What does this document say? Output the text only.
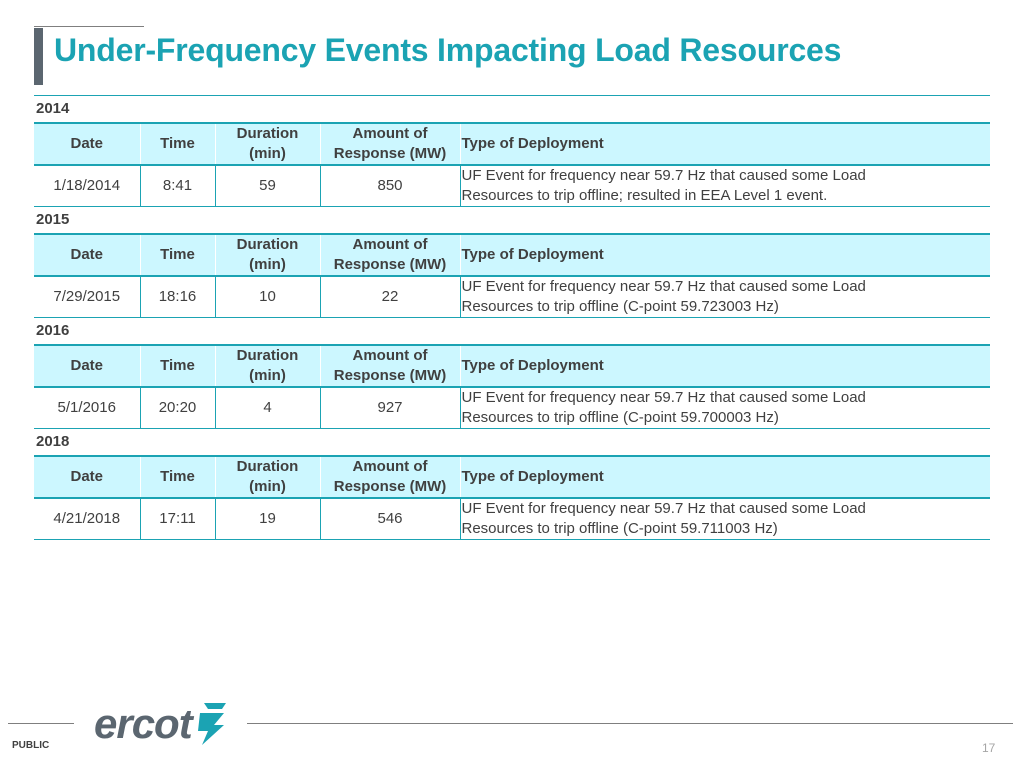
Under-Frequency Events Impacting Load Resources
2014
Date	Time	Duration (min)	Amount of Response (MW)	Type of Deployment
1/18/2014	8:41	59	850	UF Event for frequency near 59.7 Hz that caused some Load
Resources to trip offline; resulted in EEA Level 1 event.
2015
Date	Time	Duration (min)	Amount of Response (MW)	Type of Deployment
7/29/2015	18:16	10	22	UF Event for frequency near 59.7 Hz that caused some Load
Resources to trip offline (C-point 59.723003 Hz)
2016
Date	Time	Duration (min)	Amount of Response (MW)	Type of Deployment
5/1/2016	20:20	4	927	UF Event for frequency near 59.7 Hz that caused some Load
Resources to trip offline (C-point 59.700003 Hz)
2018
Date	Time	Duration (min)	Amount of Response (MW)	Type of Deployment
4/21/2018	17:11	19	546	UF Event for frequency near 59.7 Hz that caused some Load
Resources to trip offline (C-point 59.711003 Hz)
ercot
PUBLIC	17
